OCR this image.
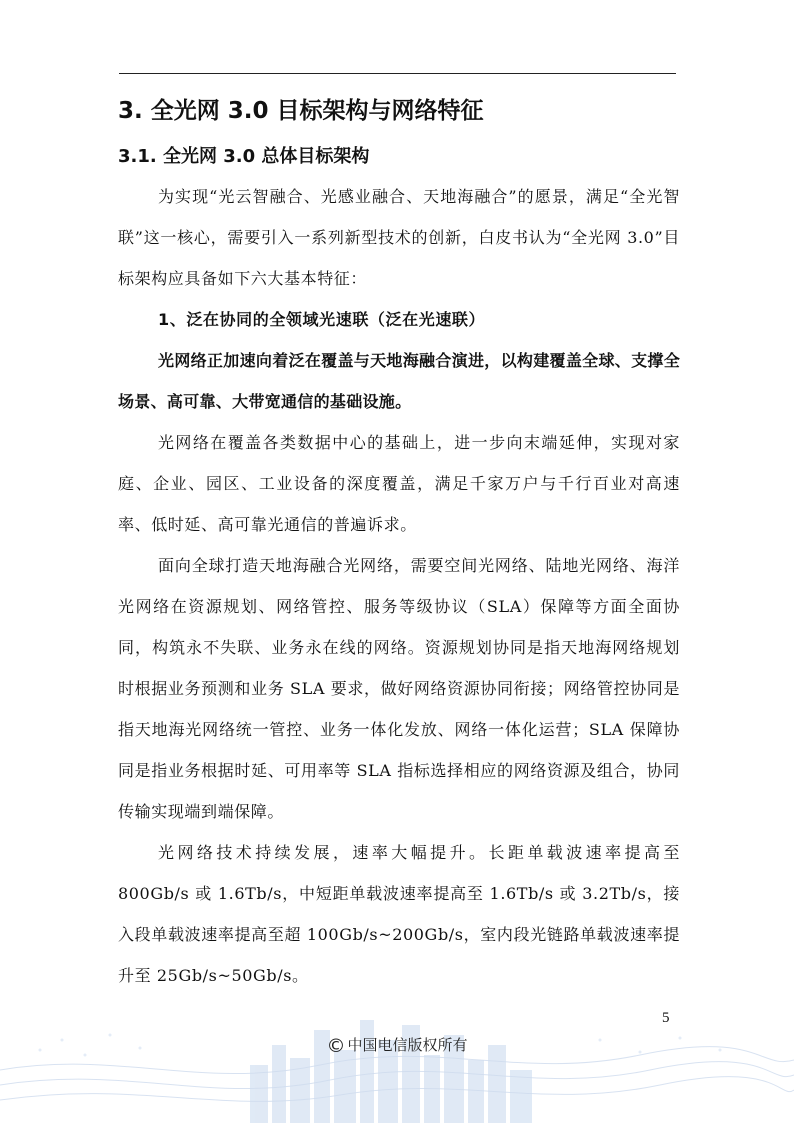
3. 全光网 3.0 目标架构与网络特征
3.1. 全光网 3.0 总体目标架构

为实现“光云智融合、光感业融合、天地海融合”的愿景，满足“全光智联”这一核心，需要引入一系列新型技术的创新，白皮书认为“全光网 3.0”目标架构应具备如下六大基本特征：

1、泛在协同的全领域光速联（泛在光速联）

光网络正加速向着泛在覆盖与天地海融合演进，以构建覆盖全球、支撑全场景、高可靠、大带宽通信的基础设施。

光网络在覆盖各类数据中心的基础上，进一步向末端延伸，实现对家庭、企业、园区、工业设备的深度覆盖，满足千家万户与千行百业对高速率、低时延、高可靠光通信的普遍诉求。

面向全球打造天地海融合光网络，需要空间光网络、陆地光网络、海洋光网络在资源规划、网络管控、服务等级协议（SLA）保障等方面全面协同，构筑永不失联、业务永在线的网络。资源规划协同是指天地海网络规划时根据业务预测和业务 SLA 要求，做好网络资源协同衔接；网络管控协同是指天地海光网络统一管控、业务一体化发放、网络一体化运营；SLA 保障协同是指业务根据时延、可用率等 SLA 指标选择相应的网络资源及组合，协同传输实现端到端保障。

光网络技术持续发展，速率大幅提升。长距单载波速率提高至 800Gb/s 或 1.6Tb/s，中短距单载波速率提高至 1.6Tb/s 或 3.2Tb/s，接入段单载波速率提高至超 100Gb/s~200Gb/s，室内段光链路单载波速率提升至 25Gb/s~50Gb/s。

5
© 中国电信版权所有
